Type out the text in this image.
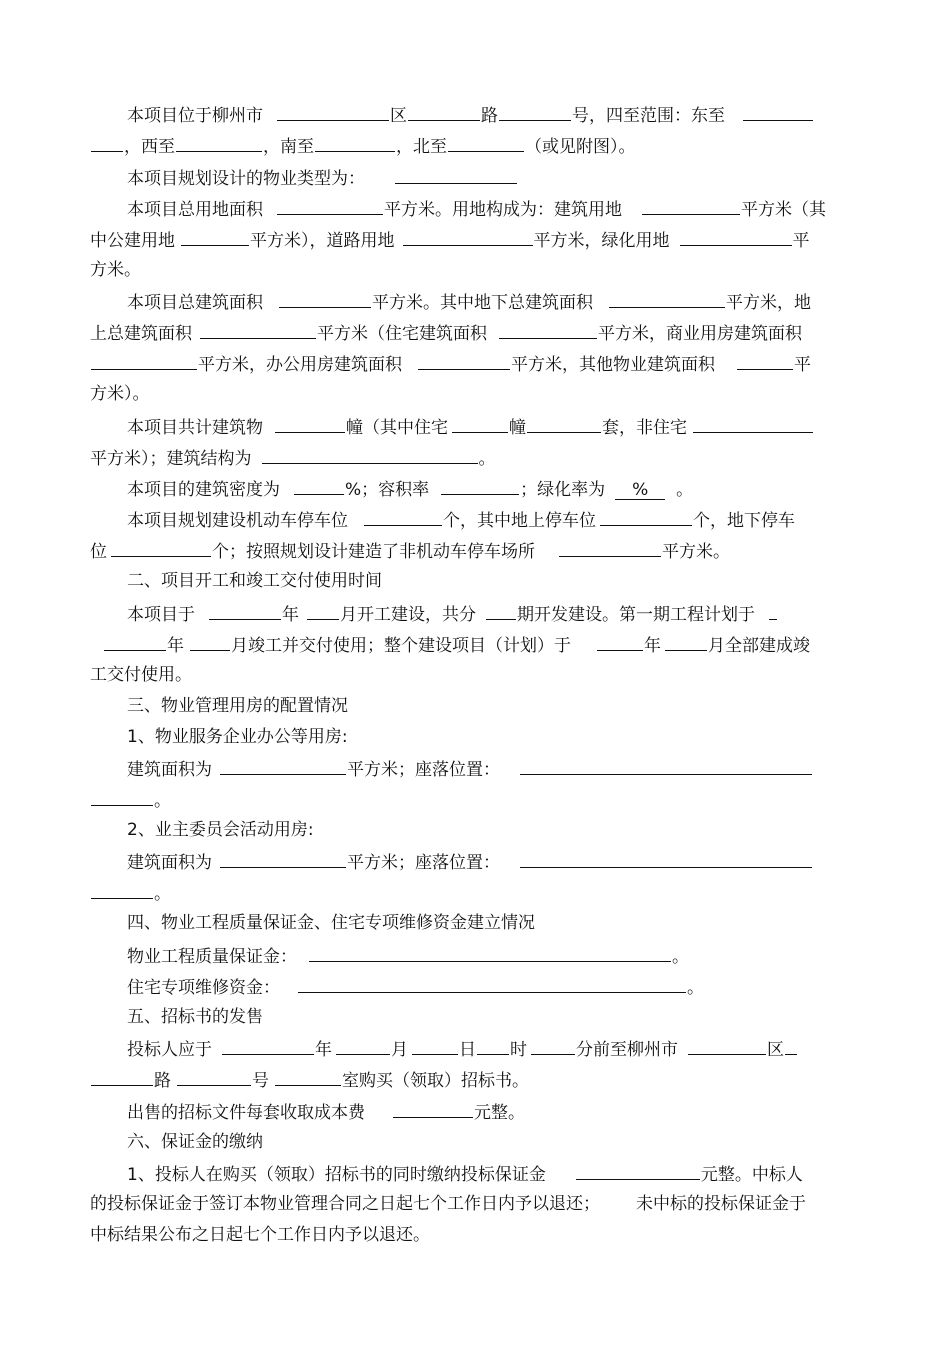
本项目位于柳州市	区	路	号，四至范围：东至
，西至	，南至	，北至	（或见附图）。
本项目规划设计的物业类型为：
本项目总用地面积	平方米。用地构成为：建筑用地	平方米（其
中公建用地	平方米），道路用地	平方米，绿化用地	平
方米。
本项目总建筑面积	平方米。其中地下总建筑面积	平方米，地
上总建筑面积	平方米（住宅建筑面积	平方米，商业用房建筑面积
平方米，办公用房建筑面积	平方米，其他物业建筑面积	平
方米）。
本项目共计建筑物	幢（其中住宅	幢	套，非住宅
平方米）；建筑结构为	。
本项目的建筑密度为	%；容积率	；绿化率为 % 。
本项目规划建设机动车停车位	个，其中地上停车位	个，地下停车
位	个；按照规划设计建造了非机动车停车场所	平方米。
二、项目开工和竣工交付使用时间
本项目于	年 月开工建设，共分 期开发建设。第一期工程计划于
年	月竣工并交付使用；整个建设项目（计划）于	年	月全部建成竣
工交付使用。
三、物业管理用房的配置情况
1、物业服务企业办公等用房:
建筑面积为	平方米；座落位置：
。
2、业主委员会活动用房:
建筑面积为	平方米；座落位置：
。
四、物业工程质量保证金、住宅专项维修资金建立情况
物业工程质量保证金：	。
住宅专项维修资金：	。
五、招标书的发售
投标人应于	年	月	日 时	分前至柳州市	区
路	号	室购买（领取）招标书。
出售的招标文件每套收取成本费	元整。
六、保证金的缴纳
1、投标人在购买（领取）招标书的同时缴纳投标保证金	元整。中标人
的投标保证金于签订本物业管理合同之日起七个工作日内予以退还； 未中标的投标保证金于
中标结果公布之日起七个工作日内予以退还。
